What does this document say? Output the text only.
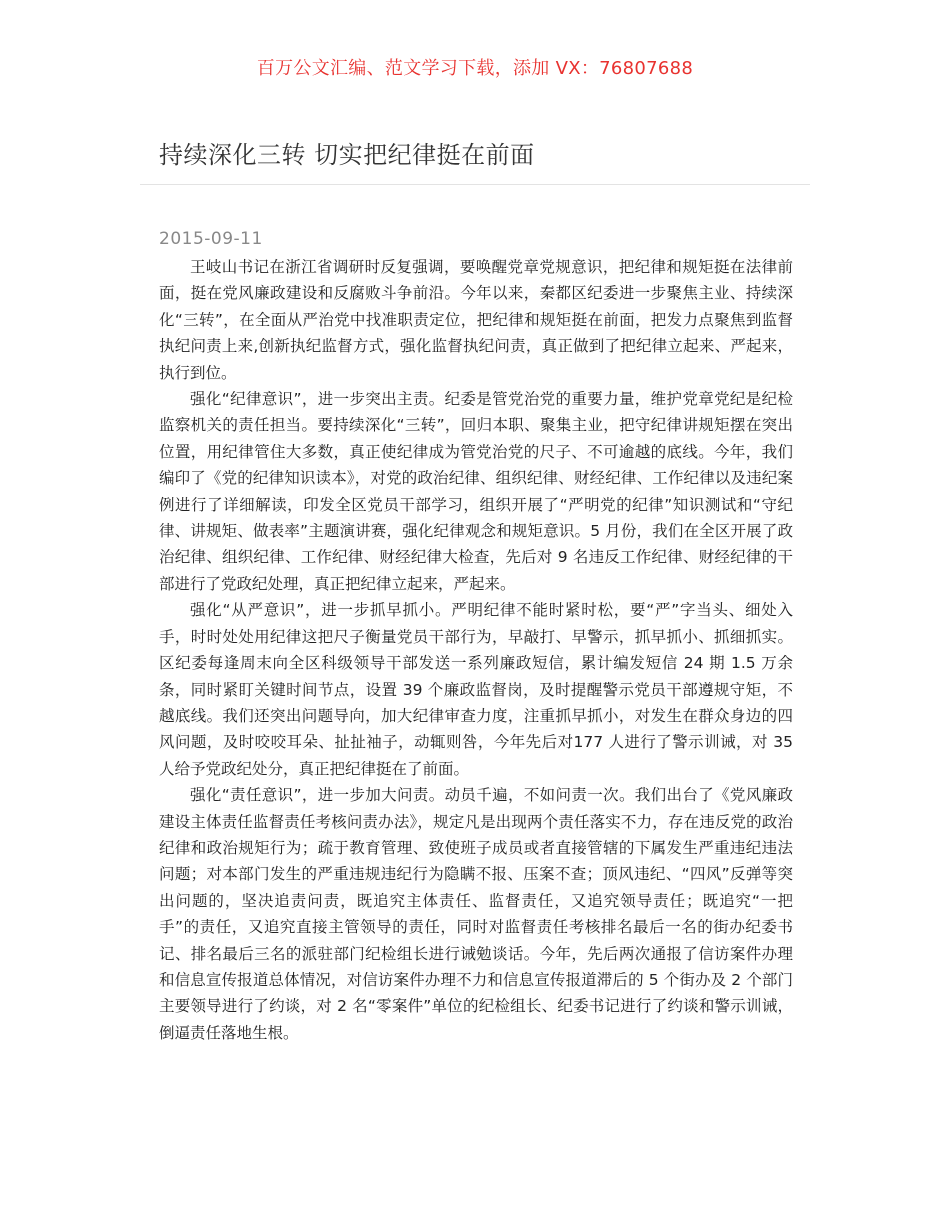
百万公文汇编、范文学习下载，添加 VX：76807688
持续深化三转 切实把纪律挺在前面
2015-09-11

王岐山书记在浙江省调研时反复强调，要唤醒党章党规意识，把纪律和规矩挺在法律前面，挺在党风廉政建设和反腐败斗争前沿。今年以来，秦都区纪委进一步聚焦主业、持续深化“三转”，在全面从严治党中找准职责定位，把纪律和规矩挺在前面，把发力点聚焦到监督执纪问责上来,创新执纪监督方式，强化监督执纪问责，真正做到了把纪律立起来、严起来，执行到位。

强化“纪律意识”，进一步突出主责。纪委是管党治党的重要力量，维护党章党纪是纪检监察机关的责任担当。要持续深化“三转”，回归本职、聚集主业，把守纪律讲规矩摆在突出位置，用纪律管住大多数，真正使纪律成为管党治党的尺子、不可逾越的底线。今年，我们编印了《党的纪律知识读本》，对党的政治纪律、组织纪律、财经纪律、工作纪律以及违纪案例进行了详细解读，印发全区党员干部学习，组织开展了“严明党的纪律”知识测试和“守纪律、讲规矩、做表率”主题演讲赛，强化纪律观念和规矩意识。5 月份，我们在全区开展了政治纪律、组织纪律、工作纪律、财经纪律大检查，先后对 9 名违反工作纪律、财经纪律的干部进行了党政纪处理，真正把纪律立起来，严起来。

强化“从严意识”，进一步抓早抓小。严明纪律不能时紧时松，要“严”字当头、细处入手，时时处处用纪律这把尺子衡量党员干部行为，早敲打、早警示，抓早抓小、抓细抓实。区纪委每逢周末向全区科级领导干部发送一系列廉政短信，累计编发短信 24 期 1.5 万余条，同时紧盯关键时间节点，设置 39 个廉政监督岗，及时提醒警示党员干部遵规守矩，不越底线。我们还突出问题导向，加大纪律审查力度，注重抓早抓小，对发生在群众身边的四风问题，及时咬咬耳朵、扯扯袖子，动辄则咎，今年先后对177 人进行了警示训诫，对 35 人给予党政纪处分，真正把纪律挺在了前面。

强化“责任意识”，进一步加大问责。动员千遍，不如问责一次。我们出台了《党风廉政建设主体责任监督责任考核问责办法》，规定凡是出现两个责任落实不力，存在违反党的政治纪律和政治规矩行为；疏于教育管理、致使班子成员或者直接管辖的下属发生严重违纪违法问题；对本部门发生的严重违规违纪行为隐瞒不报、压案不查；顶风违纪、“四风”反弹等突出问题的，坚决追责问责，既追究主体责任、监督责任，又追究领导责任；既追究“一把手”的责任，又追究直接主管领导的责任，同时对监督责任考核排名最后一名的街办纪委书记、排名最后三名的派驻部门纪检组长进行诫勉谈话。今年，先后两次通报了信访案件办理和信息宣传报道总体情况，对信访案件办理不力和信息宣传报道滞后的 5 个街办及 2 个部门主要领导进行了约谈，对 2 名“零案件”单位的纪检组长、纪委书记进行了约谈和警示训诫，倒逼责任落地生根。
